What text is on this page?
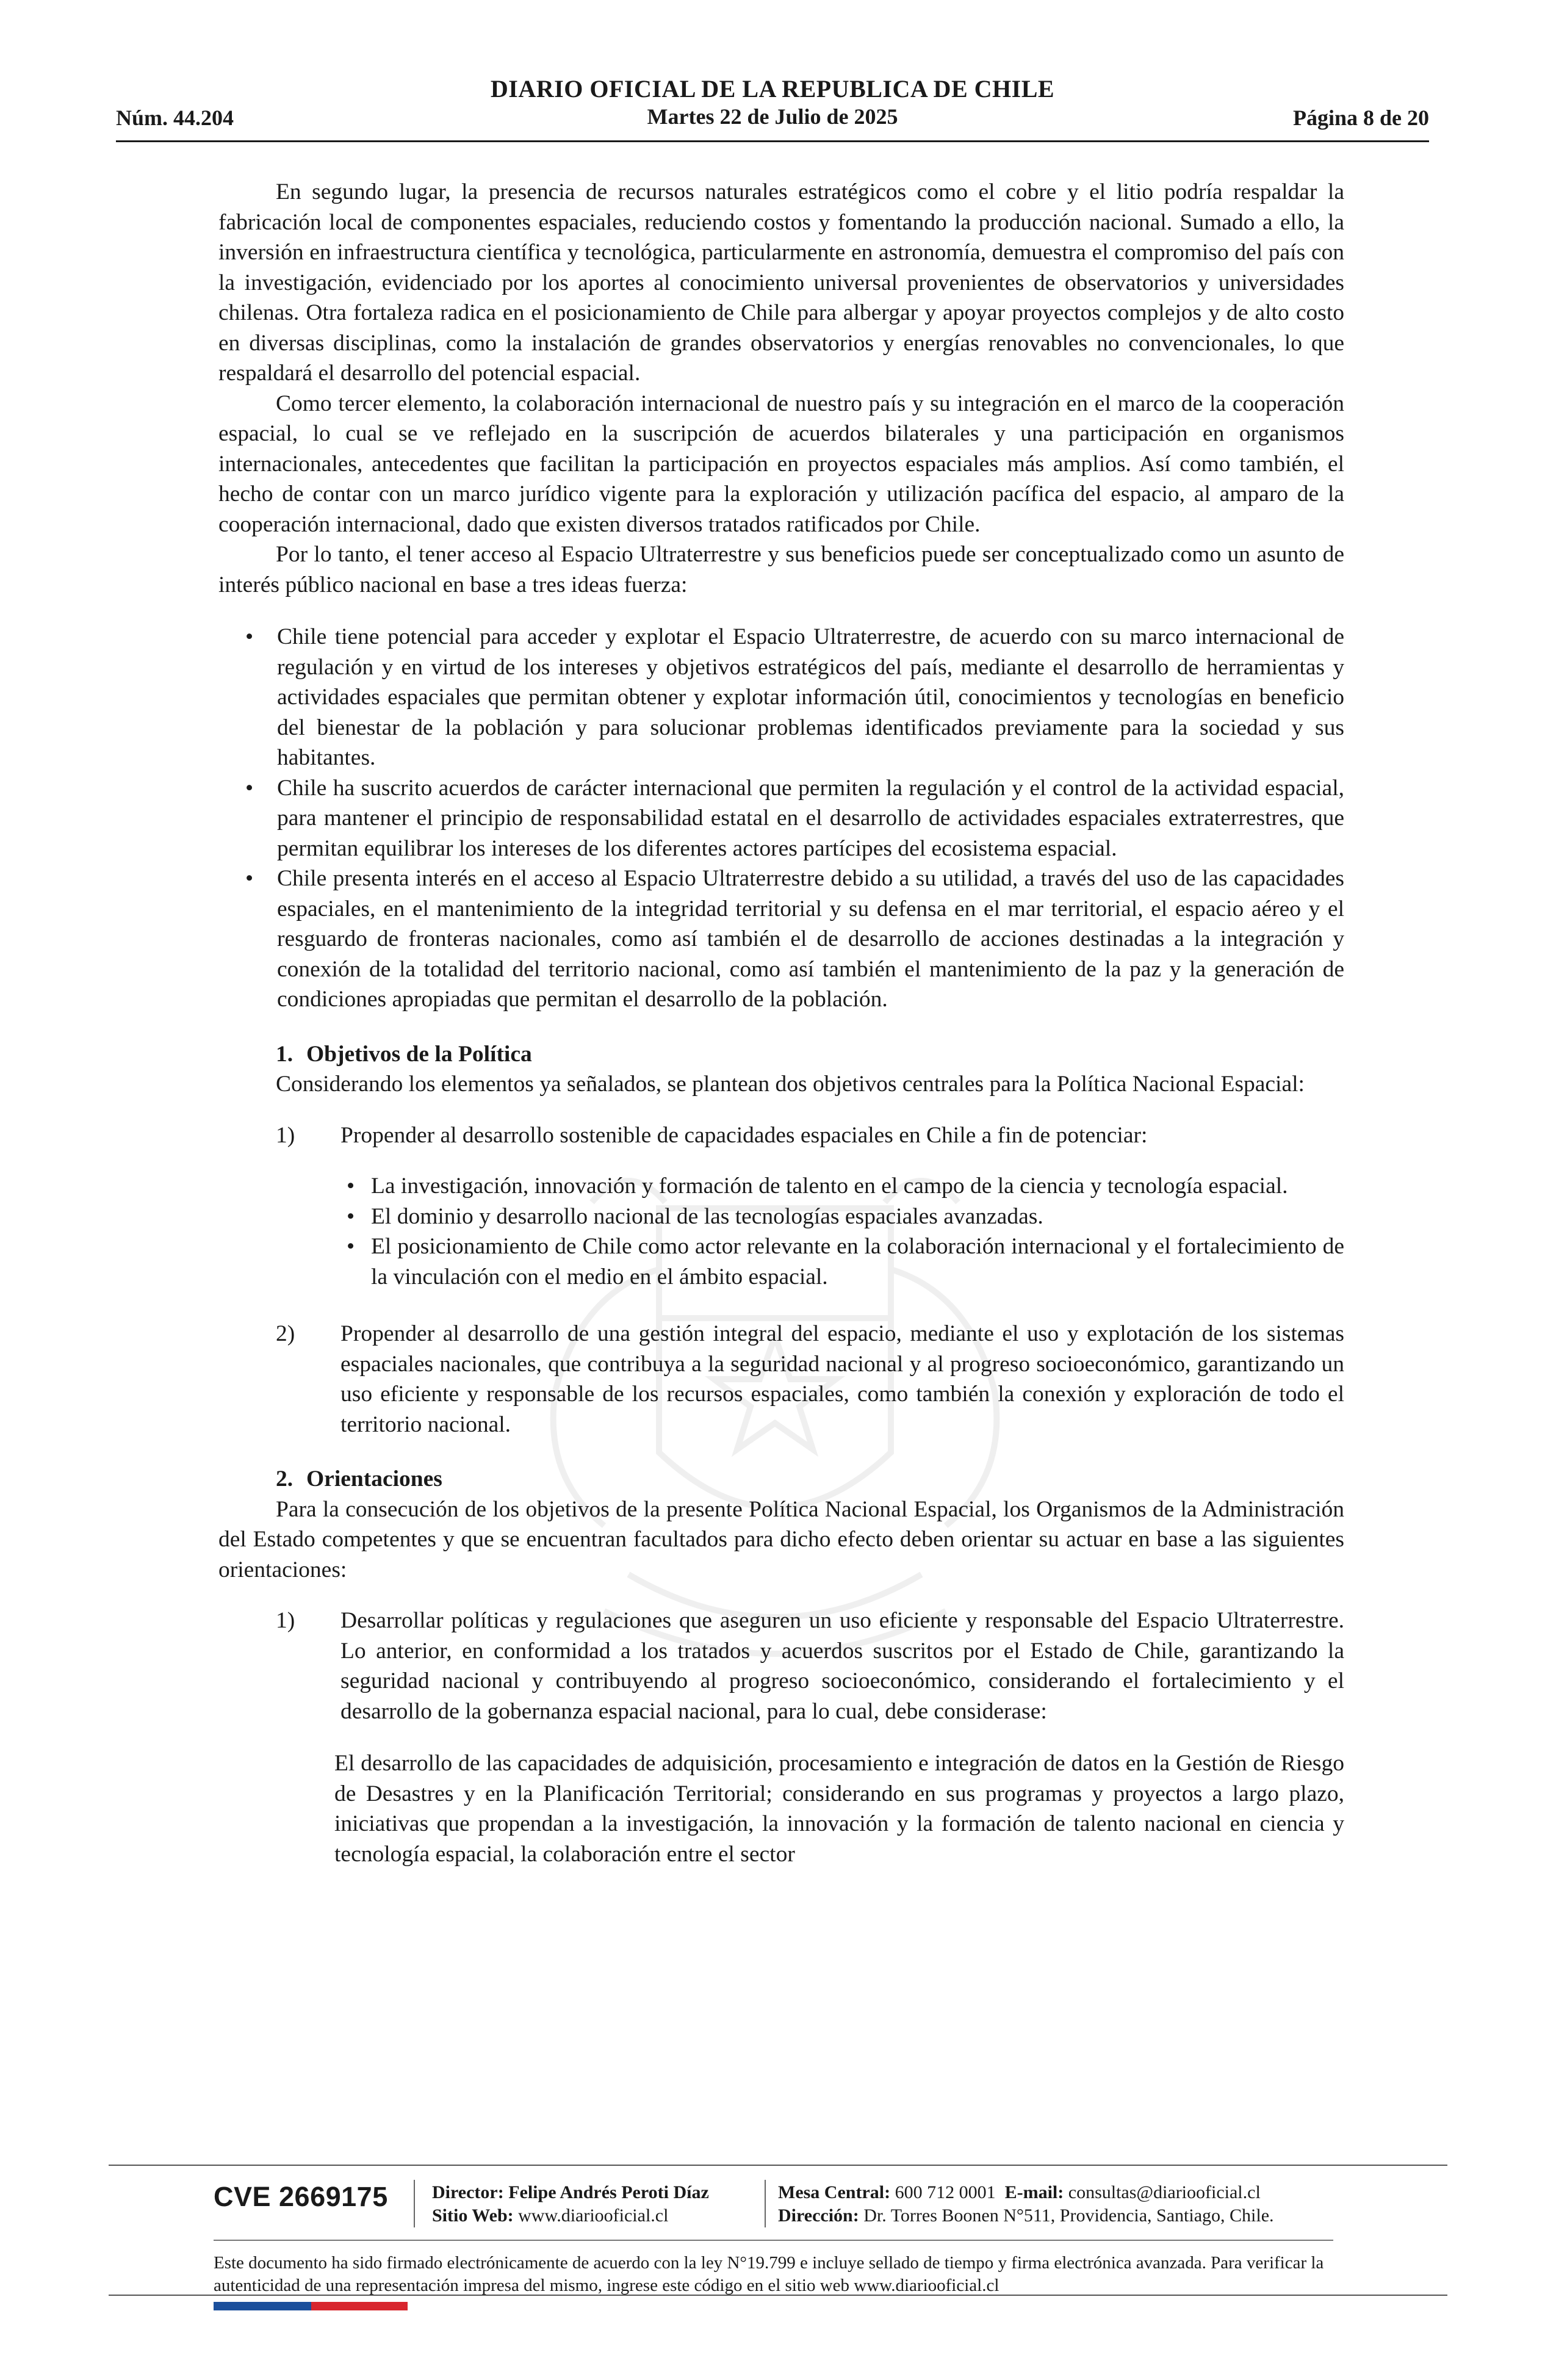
DIARIO OFICIAL DE LA REPUBLICA DE CHILE
Núm. 44.204	Martes 22 de Julio de 2025	Página 8 de 20

En segundo lugar, la presencia de recursos naturales estratégicos como el cobre y el litio podría respaldar la fabricación local de componentes espaciales, reduciendo costos y fomentando la producción nacional. Sumado a ello, la inversión en infraestructura científica y tecnológica, particularmente en astronomía, demuestra el compromiso del país con la investigación, evidenciado por los aportes al conocimiento universal provenientes de observatorios y universidades chilenas. Otra fortaleza radica en el posicionamiento de Chile para albergar y apoyar proyectos complejos y de alto costo en diversas disciplinas, como la instalación de grandes observatorios y energías renovables no convencionales, lo que respaldará el desarrollo del potencial espacial.

Como tercer elemento, la colaboración internacional de nuestro país y su integración en el marco de la cooperación espacial, lo cual se ve reflejado en la suscripción de acuerdos bilaterales y una participación en organismos internacionales, antecedentes que facilitan la participación en proyectos espaciales más amplios. Así como también, el hecho de contar con un marco jurídico vigente para la exploración y utilización pacífica del espacio, al amparo de la cooperación internacional, dado que existen diversos tratados ratificados por Chile.

Por lo tanto, el tener acceso al Espacio Ultraterrestre y sus beneficios puede ser conceptualizado como un asunto de interés público nacional en base a tres ideas fuerza:

Chile tiene potencial para acceder y explotar el Espacio Ultraterrestre, de acuerdo con su marco internacional de regulación y en virtud de los intereses y objetivos estratégicos del país, mediante el desarrollo de herramientas y actividades espaciales que permitan obtener y explotar información útil, conocimientos y tecnologías en beneficio del bienestar de la población y para solucionar problemas identificados previamente para la sociedad y sus habitantes.
Chile ha suscrito acuerdos de carácter internacional que permiten la regulación y el control de la actividad espacial, para mantener el principio de responsabilidad estatal en el desarrollo de actividades espaciales extraterrestres, que permitan equilibrar los intereses de los diferentes actores partícipes del ecosistema espacial.
Chile presenta interés en el acceso al Espacio Ultraterrestre debido a su utilidad, a través del uso de las capacidades espaciales, en el mantenimiento de la integridad territorial y su defensa en el mar territorial, el espacio aéreo y el resguardo de fronteras nacionales, como así también el de desarrollo de acciones destinadas a la integración y conexión de la totalidad del territorio nacional, como así también el mantenimiento de la paz y la generación de condiciones apropiadas que permitan el desarrollo de la población.
1. Objetivos de la Política

Considerando los elementos ya señalados, se plantean dos objetivos centrales para la Política Nacional Espacial:

1) Propender al desarrollo sostenible de capacidades espaciales en Chile a fin de potenciar:
• La investigación, innovación y formación de talento en el campo de la ciencia y tecnología espacial.
• El dominio y desarrollo nacional de las tecnologías espaciales avanzadas.
• El posicionamiento de Chile como actor relevante en la colaboración internacional y el fortalecimiento de la vinculación con el medio en el ámbito espacial.
2) Propender al desarrollo de una gestión integral del espacio, mediante el uso y explotación de los sistemas espaciales nacionales, que contribuya a la seguridad nacional y al progreso socioeconómico, garantizando un uso eficiente y responsable de los recursos espaciales, como también la conexión y exploración de todo el territorio nacional.
2. Orientaciones

Para la consecución de los objetivos de la presente Política Nacional Espacial, los Organismos de la Administración del Estado competentes y que se encuentran facultados para dicho efecto deben orientar su actuar en base a las siguientes orientaciones:

1) Desarrollar políticas y regulaciones que aseguren un uso eficiente y responsable del Espacio Ultraterrestre. Lo anterior, en conformidad a los tratados y acuerdos suscritos por el Estado de Chile, garantizando la seguridad nacional y contribuyendo al progreso socioeconómico, considerando el fortalecimiento y el desarrollo de la gobernanza espacial nacional, para lo cual, debe considerase:

El desarrollo de las capacidades de adquisición, procesamiento e integración de datos en la Gestión de Riesgo de Desastres y en la Planificación Territorial; considerando en sus programas y proyectos a largo plazo, iniciativas que propendan a la investigación, la innovación y la formación de talento nacional en ciencia y tecnología espacial, la colaboración entre el sector

CVE 2669175 Director: Felipe Andrés Peroti Díaz
Sitio Web: www.diariooficial.cl
Mesa Central: 600 712 0001 E-mail: consultas@diariooficial.cl
Dirección: Dr. Torres Boonen N°511, Providencia, Santiago, Chile.
Este documento ha sido firmado electrónicamente de acuerdo con la ley N°19.799 e incluye sellado de tiempo y firma electrónica avanzada. Para verificar la autenticidad de una representación impresa del mismo, ingrese este código en el sitio web www.diariooficial.cl
